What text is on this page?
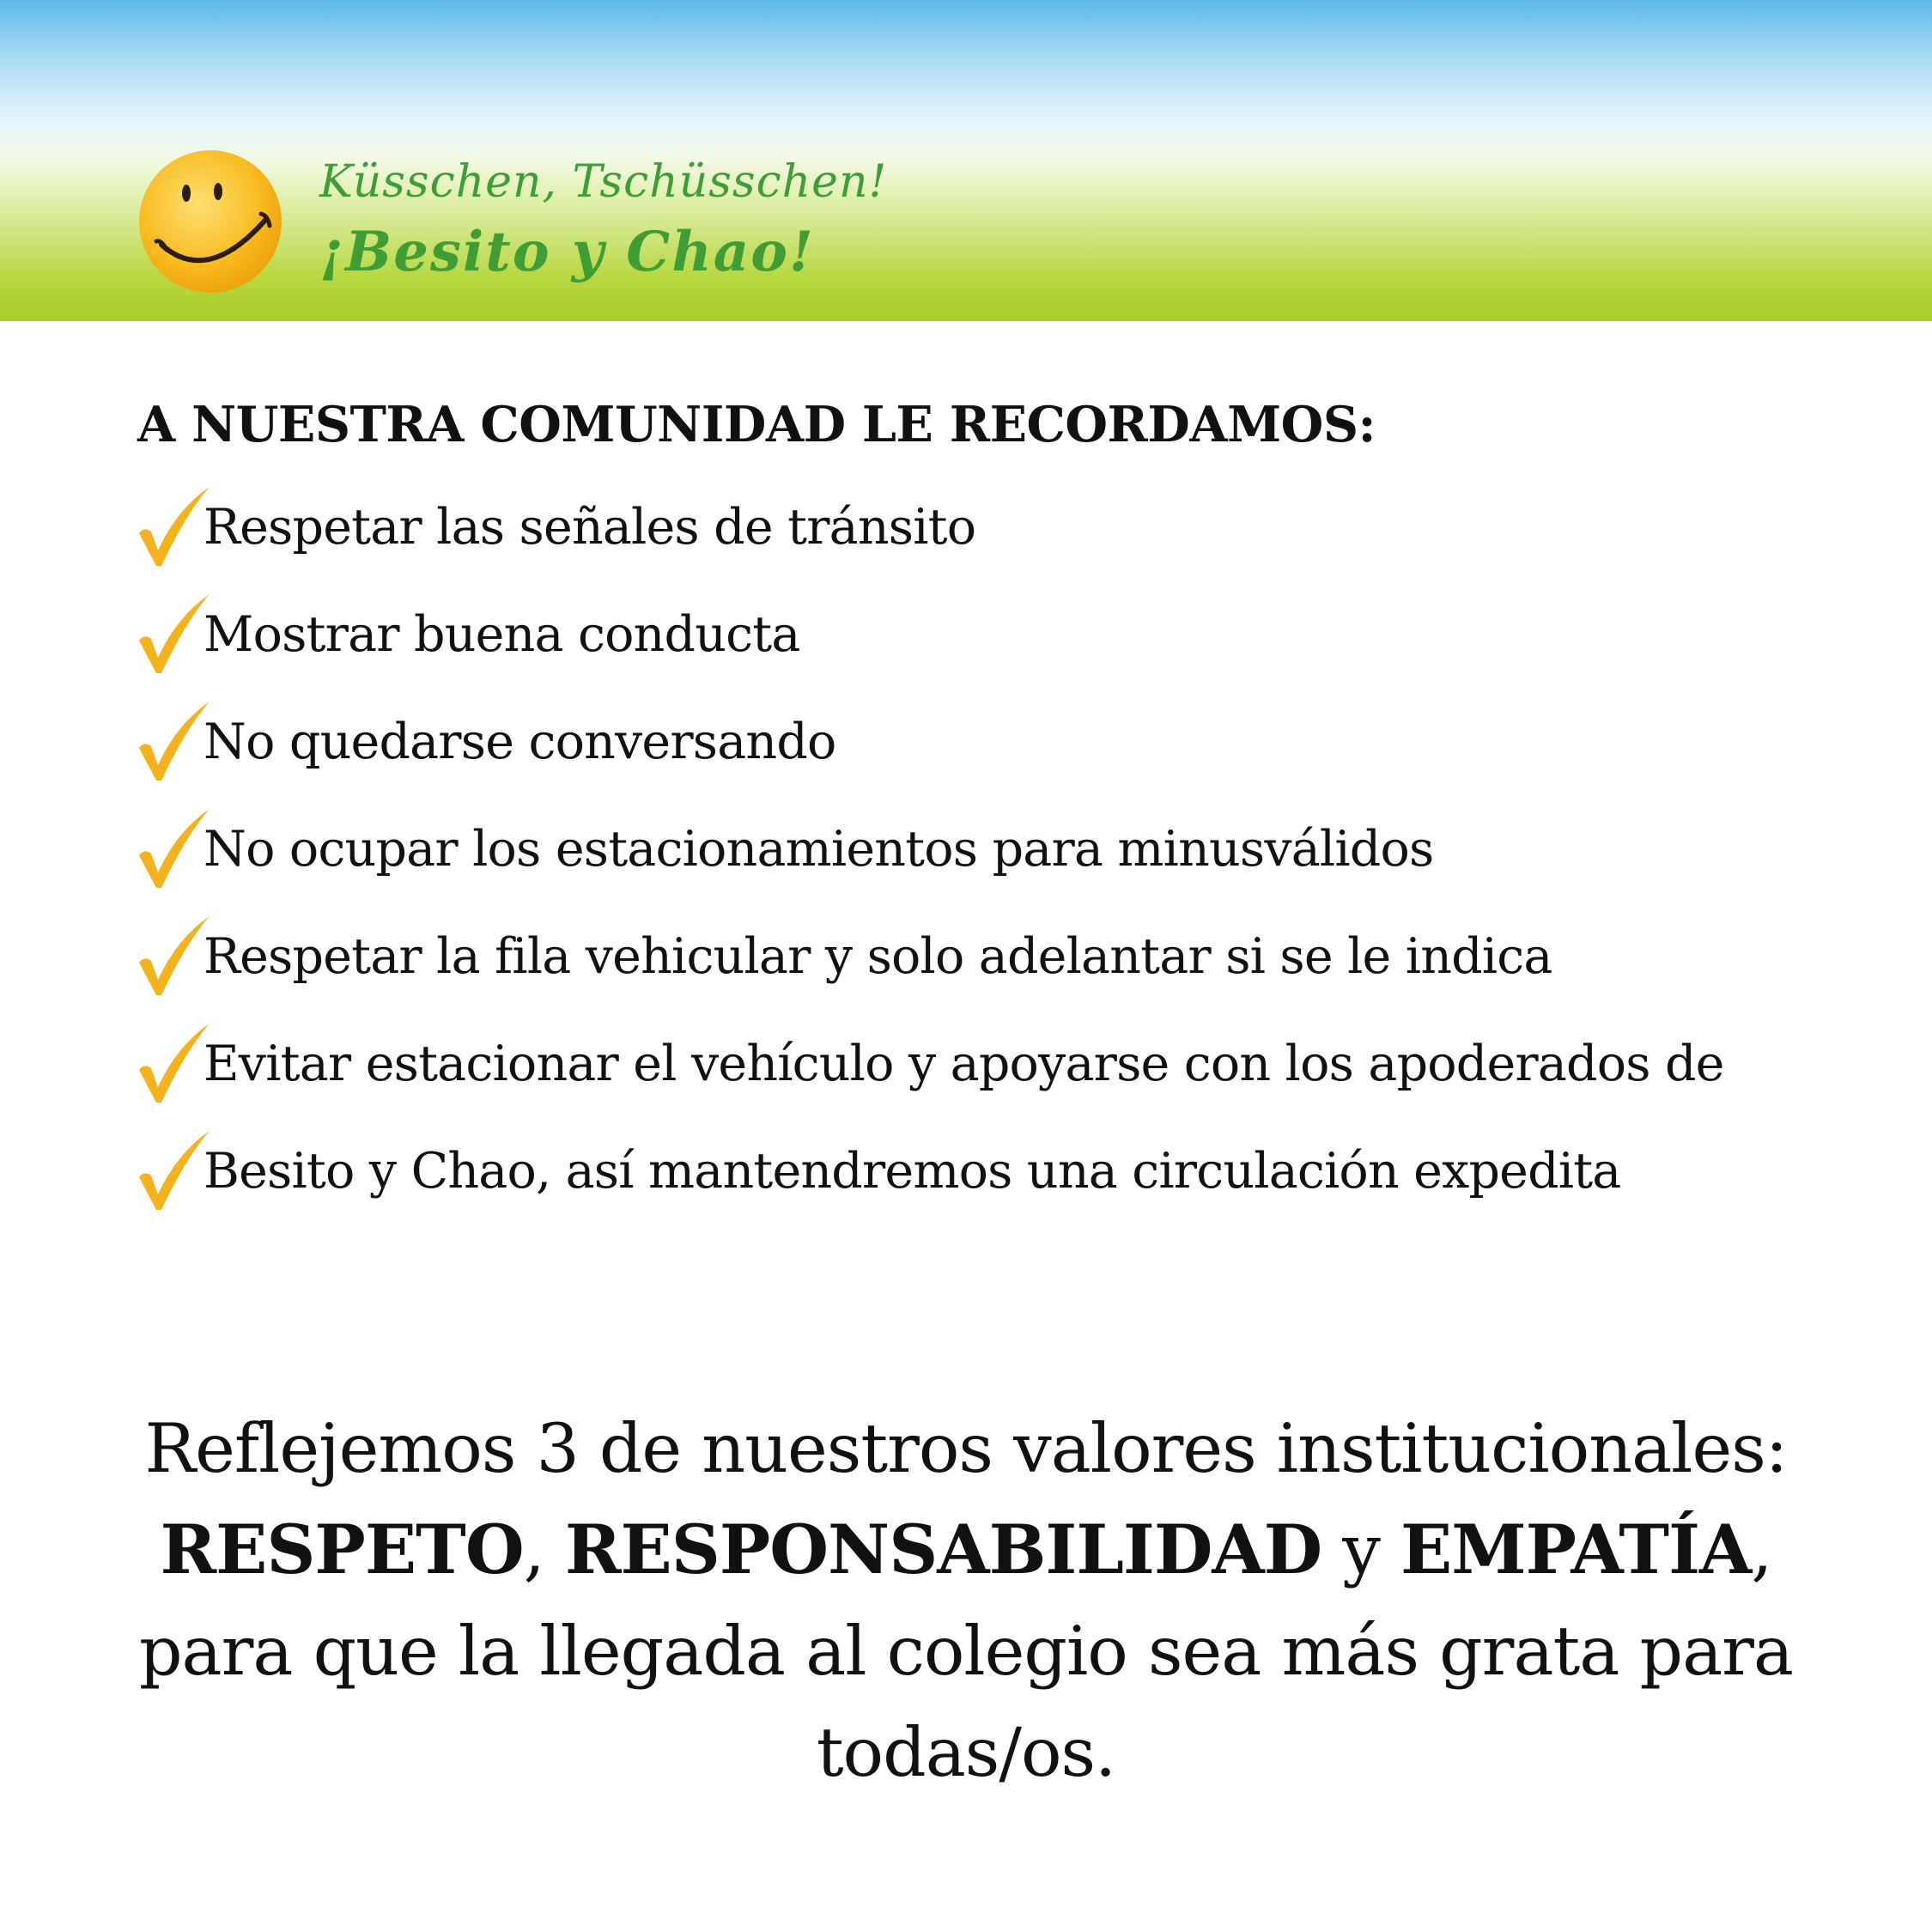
Küsschen, Tschüsschen!
¡Besito y Chao!
A NUESTRA COMUNIDAD LE RECORDAMOS:
Respetar las señales de tránsito
Mostrar buena conducta
No quedarse conversando
No ocupar los estacionamientos para minusválidos
Respetar la fila vehicular y solo adelantar si se le indica
Evitar estacionar el vehículo y apoyarse con los apoderados de
Besito y Chao, así mantendremos una circulación expedita

Reflejemos 3 de nuestros valores institucionales: RESPETO, RESPONSABILIDAD y EMPATÍA, para que la llegada al colegio sea más grata para todas/os.
